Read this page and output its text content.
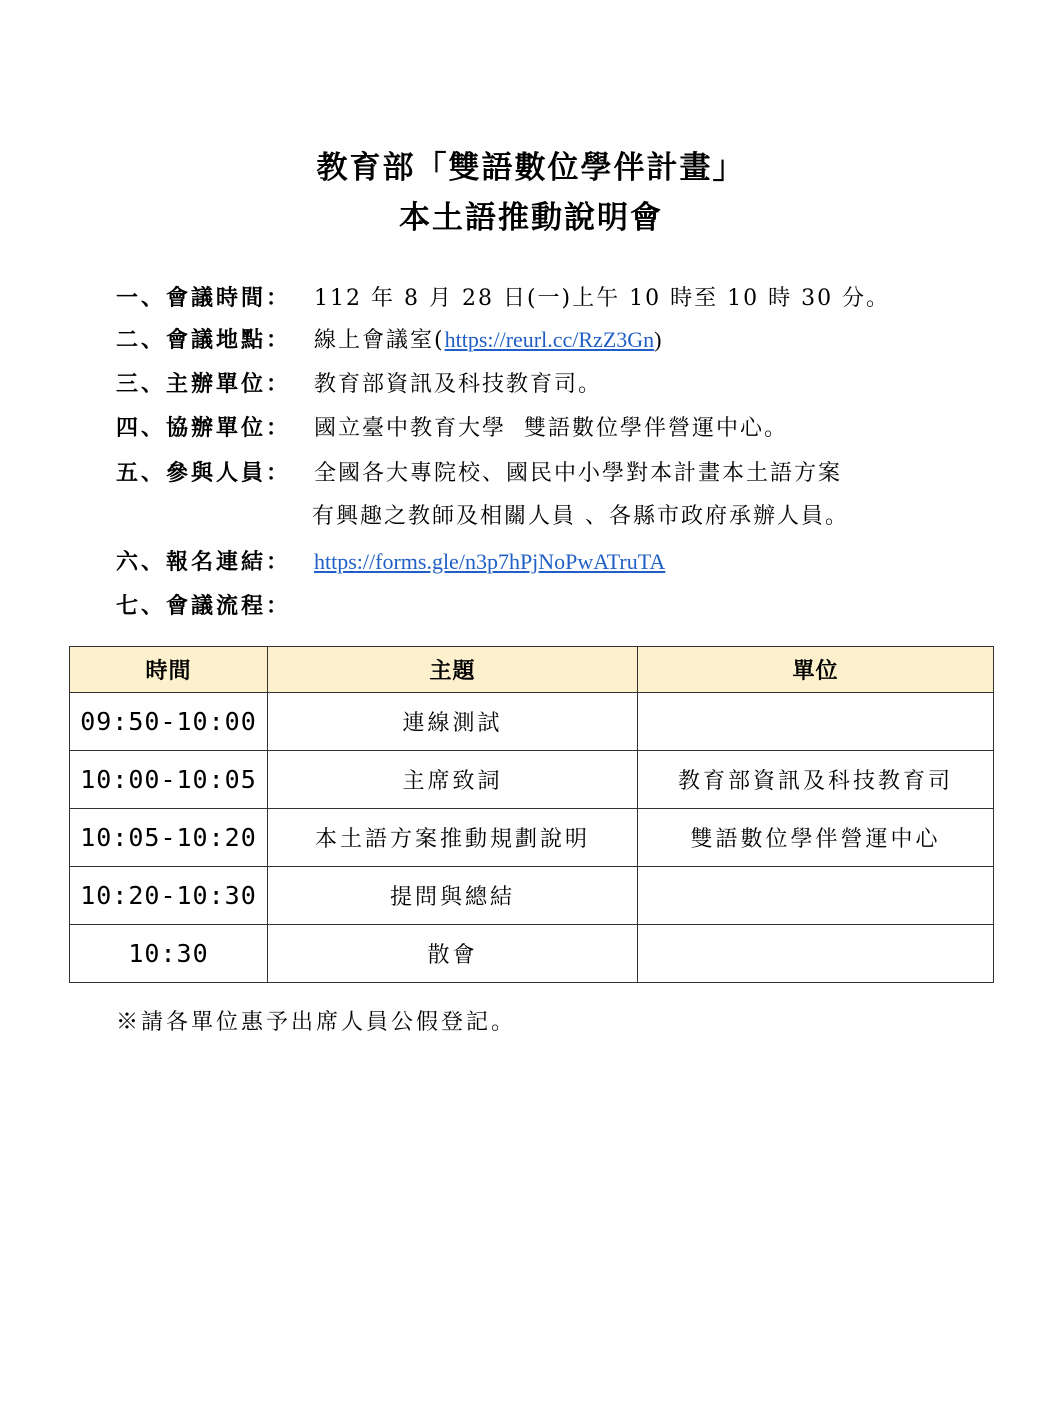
教育部「雙語數位學伴計畫」
本土語推動說明會
一、會議時間： 112 年 8 月 28 日(一)上午 10 時至 10 時 30 分。
二、會議地點： 線上會議室(https://reurl.cc/RzZ3Gn)
三、主辦單位： 教育部資訊及科技教育司。
四、協辦單位： 國立臺中教育大學  雙語數位學伴營運中心。
五、參與人員： 全國各大專院校、國民中小學對本計畫本土語方案
有興趣之教師及相關人員 、各縣市政府承辦人員。
六、報名連結： https://forms.gle/n3p7hPjNoPwATruTA
七、會議流程：
時間	主題	單位
09:50-10:00	連線測試	
10:00-10:05	主席致詞	教育部資訊及科技教育司
10:05-10:20	本土語方案推動規劃說明	雙語數位學伴營運中心
10:20-10:30	提問與總結	
10:30	散會	
※請各單位惠予出席人員公假登記。
